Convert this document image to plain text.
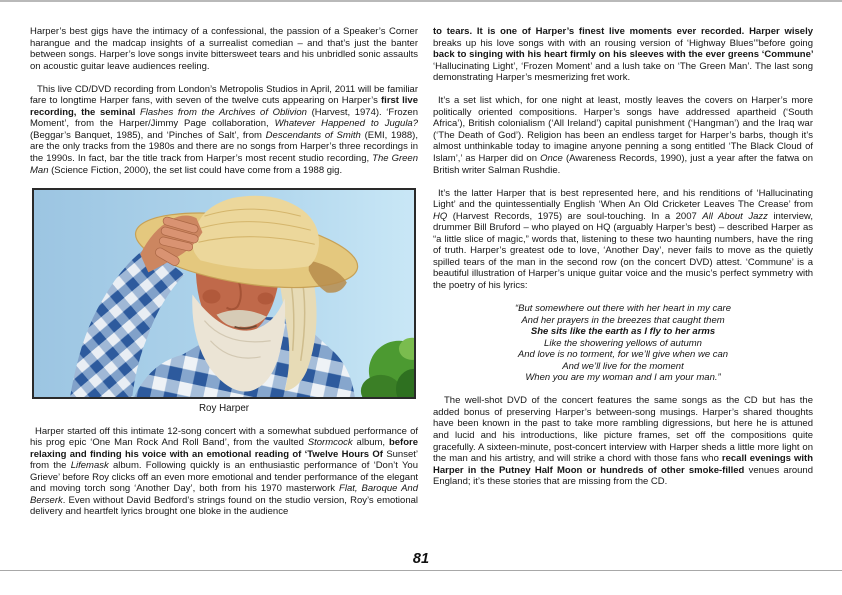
Harper’s best gigs have the intimacy of a confessional, the passion of a Speaker’s Corner harangue and the madcap insights of a surrealist comedian – and that’s just the banter between songs. Harper’s love songs invite bittersweet tears and his unbridled sonic assaults on acoustic guitar leave audiences reeling.

This live CD/DVD recording from London’s Metropolis Studios in April, 2011 will be familiar fare to longtime Harper fans, with seven of the twelve cuts appearing on Harper’s first live recording, the seminal Flashes from the Archives of Oblivion (Harvest, 1974). ‘Frozen Moment’, from the Harper/Jimmy Page collaboration, Whatever Happened to Jugula? (Beggar’s Banquet, 1985), and ‘Pinches of Salt’, from Descendants of Smith (EMI, 1988), are the only tracks from the 1980s and there are no songs from Harper’s three recordings in the 1990s. In fact, bar the title track from Harper’s most recent studio recording, The Green Man (Science Fiction, 2000), the set list could have come from a 1988 gig.

Roy Harper

Harper started off this intimate 12-song concert with a somewhat subdued performance of his prog epic ‘One Man Rock And Roll Band’, from the vaulted Stormcock album, before relaxing and finding his voice with an emotional reading of ‘Twelve Hours Of Sunset’ from the Lifemask album. Following quickly is an enthusiastic performance of ‘Don’t You Grieve’ before Roy clicks off an even more emotional and tender performance of the elegant and moving torch song ‘Another Day’, both from his 1970 masterwork Flat, Baroque And Berserk. Even without David Bedford’s strings found on the studio version, Roy’s emotional delivery and heartfelt lyrics brought one bloke in the audience

to tears. It is one of Harper’s finest live moments ever recorded. Harper wisely breaks up his love songs with with an rousing version of ‘Highway Blues’”before going back to singing with his heart firmly on his sleeves with the ever greens ‘Commune’ ‘Hallucinating Light’, ‘Frozen Moment’ and a lush take on ‘The Green Man’. The last song demonstrating Harper’s mesmerizing fret work.

It’s a set list which, for one night at least, mostly leaves the covers on Harper’s more politically oriented compositions. Harper’s songs have addressed apartheid (‘South Africa’), British colonialism (‘All Ireland’) capital punishment (‘Hangman’) and the Iraq war (‘The Death of God’). Religion has been an endless target for Harper’s barbs, though it’s almost unthinkable today to imagine anyone penning a song entitled ‘The Black Cloud of Islam’,’ as Harper did on Once (Awareness Records, 1990), just a year after the fatwa on British writer Salman Rushdie.

It’s the latter Harper that is best represented here, and his renditions of ‘Hallucinating Light’ and the quintessentially English ‘When An Old Cricketer Leaves The Crease’ from HQ (Harvest Records, 1975) are soul-touching. In a 2007 All About Jazz interview, drummer Bill Bruford – who played on HQ (arguably Harper’s best) – described Harper as “a little slice of magic,” words that, listening to these two haunting numbers, have the ring of truth. Harper’s greatest ode to love, ‘Another Day’, never fails to move as the quietly spilled tears of the man in the second row (on the concert DVD) attest. ‘Commune’ is a beautiful illustration of Harper’s unique guitar voice and the music’s perfect symmetry with the poetry of his lyrics:

“But somewhere out there with her heart in my care
And her prayers in the breezes that caught them
She sits like the earth as I fly to her arms
Like the showering yellows of autumn
And love is no torment, for we’ll give when we can
And we’ll live for the moment
When you are my woman and I am your man.”

The well-shot DVD of the concert features the same songs as the CD but has the added bonus of preserving Harper’s between-song musings. Harper’s shared thoughts have been known in the past to take more rambling digressions, but here he is attuned and lucid and his introductions, like picture frames, set off the compositions quite gracefully. A sixteen-minute, post-concert interview with Harper sheds a little more light on the man and his artistry, and will strike a chord with those fans who recall evenings with Harper in the Putney Half Moon or hundreds of other smoke-filled venues around England; it’s these stories that are missing from the CD.

81
